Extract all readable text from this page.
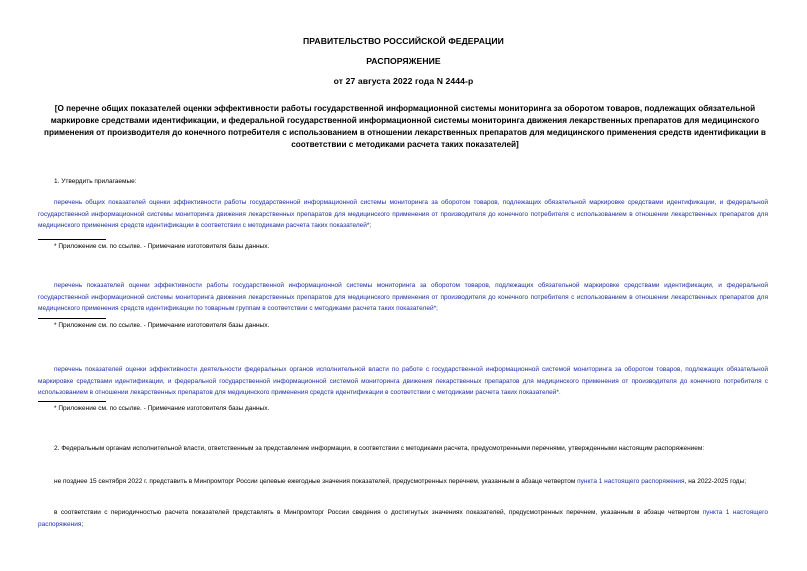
ПРАВИТЕЛЬСТВО РОССИЙСКОЙ ФЕДЕРАЦИИ
РАСПОРЯЖЕНИЕ
от 27 августа 2022 года N 2444-р
[О перечне общих показателей оценки эффективности работы государственной информационной системы мониторинга за оборотом товаров, подлежащих обязательной маркировке средствами идентификации, и федеральной государственной информационной системы мониторинга движения лекарственных препаратов для медицинского применения от производителя до конечного потребителя с использованием в отношении лекарственных препаратов для медицинского применения средств идентификации в соответствии с методиками расчета таких показателей]
1. Утвердить прилагаемые:
перечень общих показателей оценки эффективности работы государственной информационной системы мониторинга за оборотом товаров, подлежащих обязательной маркировке средствами идентификации, и федеральной государственной информационной системы мониторинга движения лекарственных препаратов для медицинского применения от производителя до конечного потребителя с использованием в отношении лекарственных препаратов для медицинского применения средств идентификации в соответствии с методиками расчета таких показателей*;
* Приложение см. по ссылке. - Примечание изготовителя базы данных.
перечень показателей оценки эффективности работы государственной информационной системы мониторинга за оборотом товаров, подлежащих обязательной маркировке средствами идентификации, и федеральной государственной информационной системы мониторинга движения лекарственных препаратов для медицинского применения от производителя до конечного потребителя с использованием в отношении лекарственных препаратов для медицинского применения средств идентификации по товарным группам в соответствии с методиками расчета таких показателей*;
* Приложение см. по ссылке. - Примечание изготовителя базы данных.
перечень показателей оценки эффективности деятельности федеральных органов исполнительной власти по работе с государственной информационной системой мониторинга за оборотом товаров, подлежащих обязательной маркировке средствами идентификации, и федеральной государственной информационной системой мониторинга движения лекарственных препаратов для медицинского применения от производителя до конечного потребителя с использованием в отношении лекарственных препаратов для медицинского применения средств идентификации в соответствии с методиками расчета таких показателей*.
* Приложение см. по ссылке. - Примечание изготовителя базы данных.
2. Федеральным органам исполнительной власти, ответственным за представление информации, в соответствии с методиками расчета, предусмотренными перечнями, утвержденными настоящим распоряжением:
не позднее 15 сентября 2022 г. представить в Минпромторг России целевые ежегодные значения показателей, предусмотренных перечнем, указанным в абзаце четвертом пункта 1 настоящего распоряжения, на 2022-2025 годы;
в соответствии с периодичностью расчета показателей представлять в Минпромторг России сведения о достигнутых значениях показателей, предусмотренных перечнем, указанным в абзаце четвертом пункта 1 настоящего распоряжения;
